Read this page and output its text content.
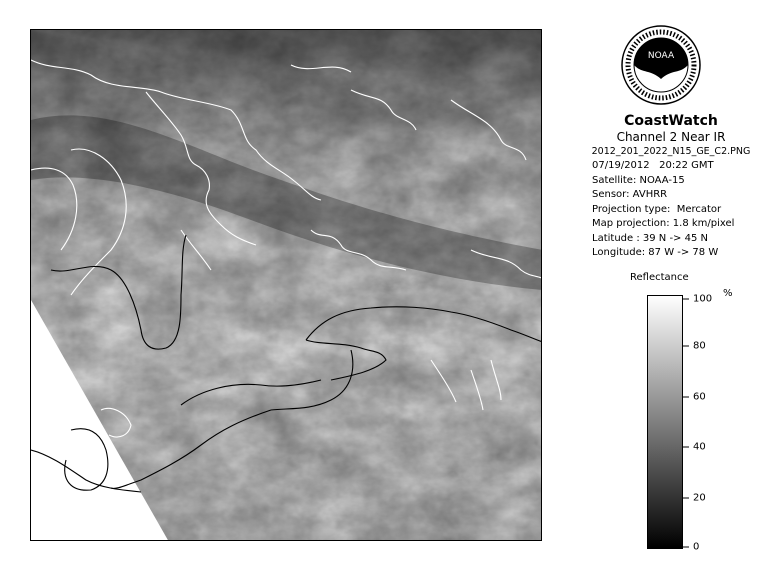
NOAA
CoastWatch
Channel 2 Near IR
2012_201_2022_N15_GE_C2.PNG
07/19/2012   20:22 GMT
Satellite: NOAA-15
Sensor: AVHRR
Projection type:  Mercator
Map projection: 1.8 km/pixel
Latitude : 39 N -> 45 N
Longitude: 87 W -> 78 W
Reflectance
%
100
80
60
40
20
0
